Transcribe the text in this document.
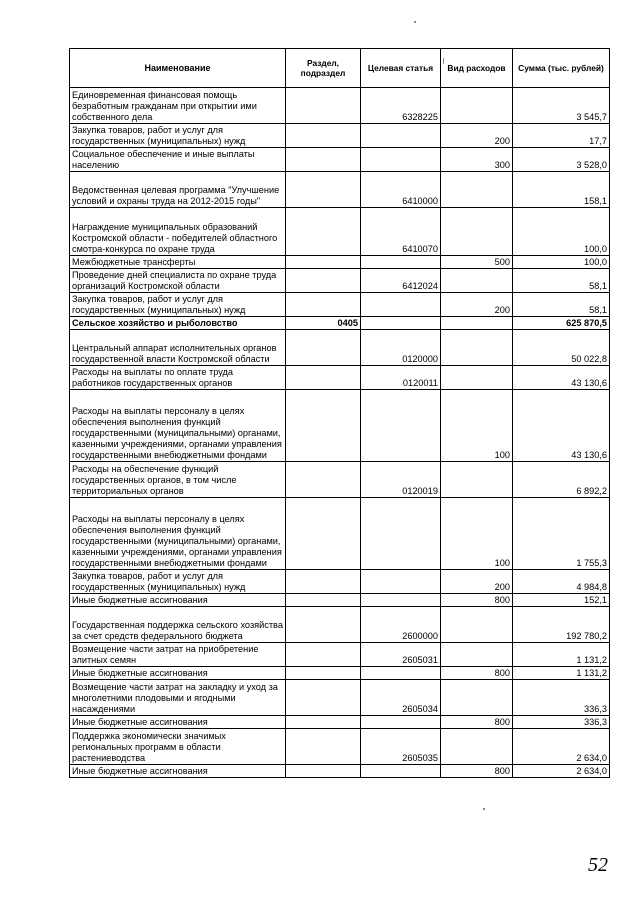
Наименование	Раздел, подраздел	Целевая статья	Вид расходов	Сумма (тыс. рублей)
Единовременная финансовая помощь безработным гражданам при открытии ими собственного дела		6328225		3 545,7
Закупка товаров, работ и услуг для государственных (муниципальных) нужд			200	17,7
Социальное обеспечение и иные выплаты населению			300	3 528,0
Ведомственная целевая программа "Улучшение условий и охраны труда на 2012-2015 годы"		6410000		158,1
Награждение муниципальных образований Костромской области - победителей областного смотра-конкурса по охране труда		6410070		100,0
Межбюджетные трансферты			500	100,0
Проведение дней специалиста по охране труда организаций Костромской области		6412024		58,1
Закупка товаров, работ и услуг для государственных (муниципальных) нужд			200	58,1
Сельское хозяйство и рыболовство	0405			625 870,5
Центральный аппарат исполнительных органов государственной власти Костромской области		0120000		50 022,8
Расходы на выплаты по оплате труда работников государственных органов		0120011		43 130,6
Расходы на выплаты персоналу в целях обеспечения выполнения функций государственными (муниципальными) органами, казенными учреждениями, органами управления государственными внебюджетными фондами			100	43 130,6
Расходы на обеспечение функций государственных органов, в том числе территориальных органов		0120019		6 892,2
Расходы на выплаты персоналу в целях обеспечения выполнения функций государственными (муниципальными) органами, казенными учреждениями, органами управления государственными внебюджетными фондами			100	1 755,3
Закупка товаров, работ и услуг для государственных (муниципальных) нужд			200	4 984,8
Иные бюджетные ассигнования			800	152,1
Государственная поддержка сельского хозяйства за счет средств федерального бюджета		2600000		192 780,2
Возмещение части затрат на приобретение элитных семян		2605031		1 131,2
Иные бюджетные ассигнования			800	1 131,2
Возмещение части затрат на закладку и уход за многолетними плодовыми и ягодными насаждениями		2605034		336,3
Иные бюджетные ассигнования			800	336,3
Поддержка экономически значимых региональных программ в области растениеводства		2605035		2 634,0
Иные бюджетные ассигнования			800	2 634,0
52
